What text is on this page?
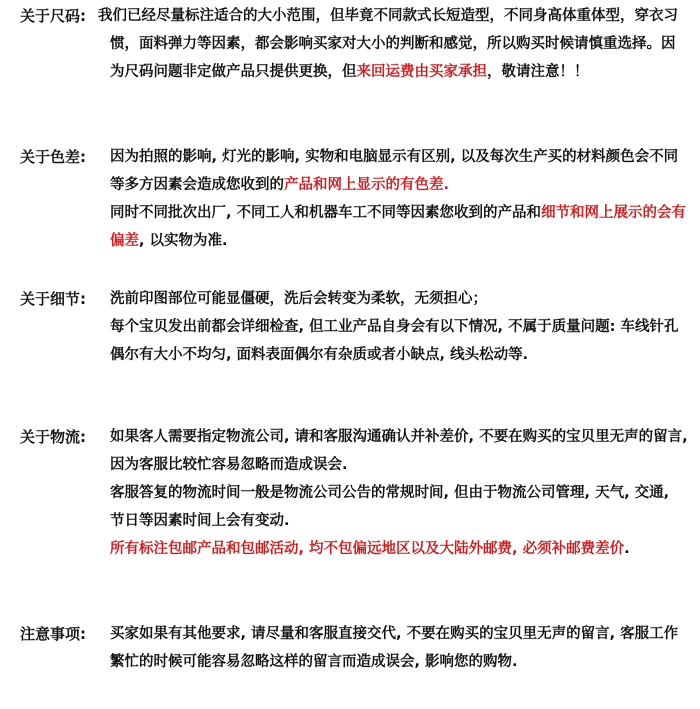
关于尺码: 我们已经尽量标注适合的大小范围，但毕竟不同款式长短造型，不同身高体重体型，穿衣习惯，面料弹力等因素，都会影响买家对大小的判断和感觉，所以购买时候请慎重选择。因为尺码问题非定做产品只提供更换，但来回运费由买家承担，敬请注意！！

关于色差: 因为拍照的影响, 灯光的影响, 实物和电脑显示有区别, 以及每次生产买的材料颜色会不同等多方因素会造成您收到的产品和网上显示的有色差.

同时不同批次出厂, 不同工人和机器车工不同等因素您收到的产品和细节和网上展示的会有偏差, 以实物为准.

关于细节: 洗前印图部位可能显僵硬，洗后会转变为柔软，无须担心；

每个宝贝发出前都会详细检查, 但工业产品自身会有以下情况, 不属于质量问题: 车线针孔偶尔有大小不均匀, 面料表面偶尔有杂质或者小缺点, 线头松动等.

关于物流: 如果客人需要指定物流公司, 请和客服沟通确认并补差价, 不要在购买的宝贝里无声的留言, 因为客服比较忙容易忽略而造成误会.

客服答复的物流时间一般是物流公司公告的常规时间, 但由于物流公司管理, 天气, 交通, 节日等因素时间上会有变动.

所有标注包邮产品和包邮活动, 均不包偏远地区以及大陆外邮费, 必须补邮费差价.

注意事项: 买家如果有其他要求, 请尽量和客服直接交代, 不要在购买的宝贝里无声的留言, 客服工作繁忙的时候可能容易忽略这样的留言而造成误会, 影响您的购物.
